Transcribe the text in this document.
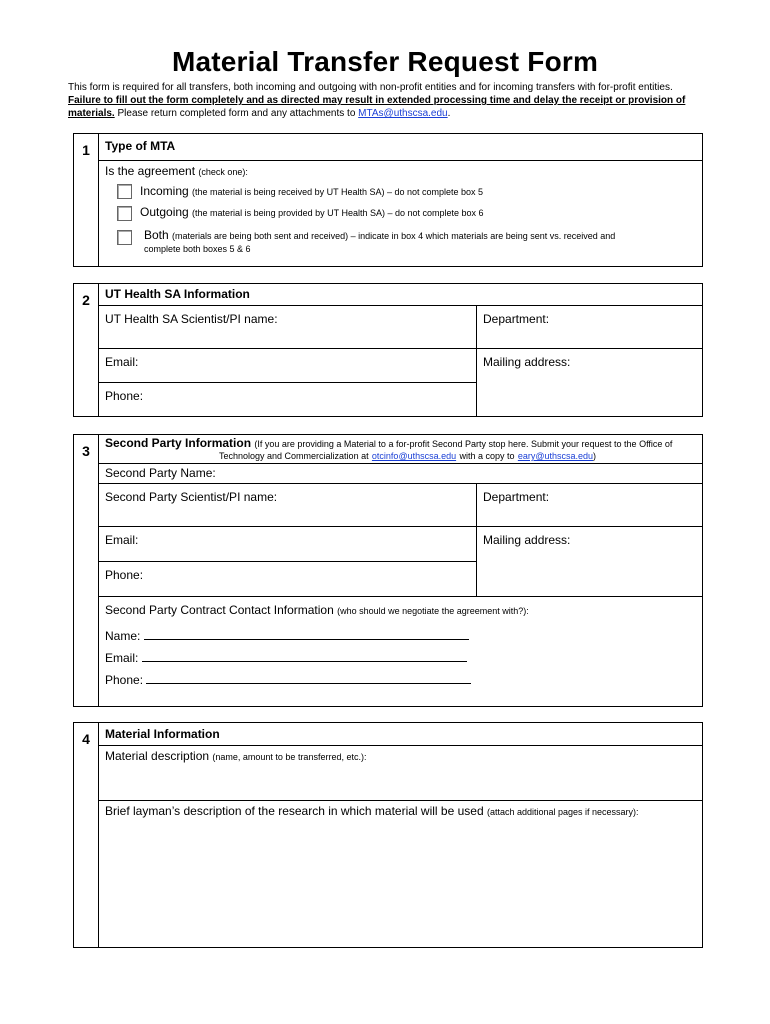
Material Transfer Request Form
This form is required for all transfers, both incoming and outgoing with non-profit entities and for incoming transfers with for-profit entities.
Failure to fill out the form completely and as directed may result in extended processing time and delay the receipt or provision of materials. Please return completed form and any attachments to MTAs@uthscsa.edu.
1	Type of MTA
Is the agreement (check one):
Incoming (the material is being received by UT Health SA) – do not complete box 5
Outgoing (the material is being provided by UT Health SA) – do not complete box 6
Both (materials are being both sent and received) – indicate in box 4 which materials are being sent vs. received and
complete both boxes 5 & 6
2	UT Health SA Information
UT Health SA Scientist/PI name:	Department:
Email:
Phone:
Mailing address:
3	Second Party Information (If you are providing a Material to a for-profit Second Party stop here. Submit your request to the Office of
Technology and Commercialization at otcinfo@uthscsa.edu with a copy to eary@uthscsa.edu)
Second Party Name:
Second Party Scientist/PI name:	Department:
Email:
Phone:
Mailing address:
Second Party Contract Contact Information (who should we negotiate the agreement with?):
Name:
Email:
Phone:
4	Material Information
Material description (name, amount to be transferred, etc.):
Brief layman’s description of the research in which material will be used (attach additional pages if necessary):
